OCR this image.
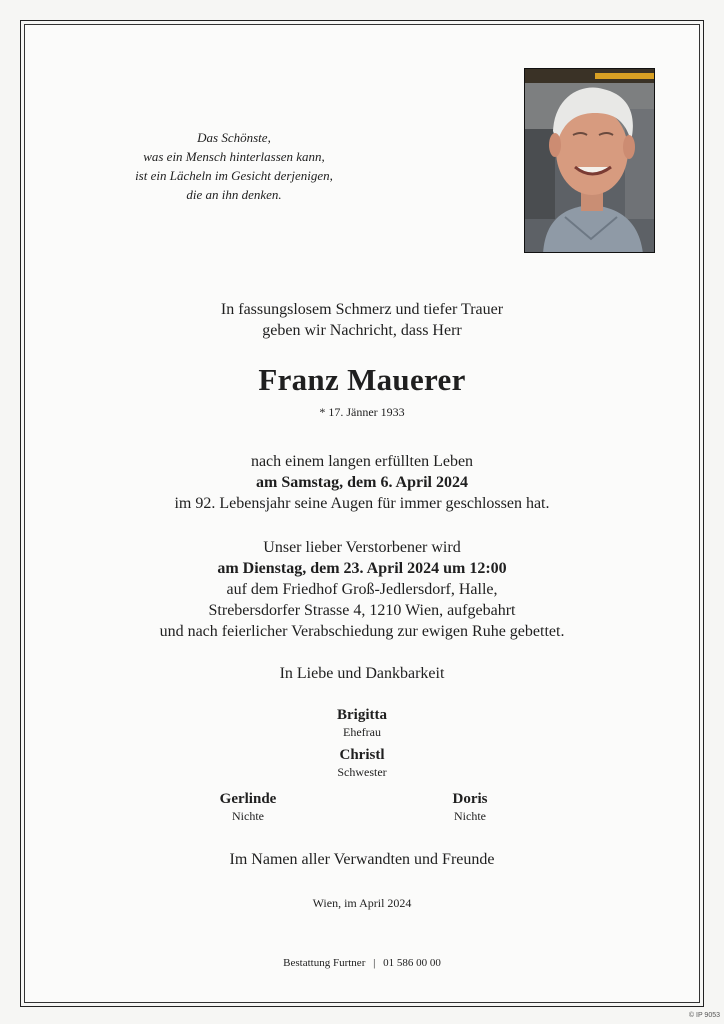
Das Schönste,
was ein Mensch hinterlassen kann,
ist ein Lächeln im Gesicht derjenigen,
die an ihn denken.
In fassungslosem Schmerz und tiefer Trauer
geben wir Nachricht, dass Herr
Franz Mauerer
* 17. Jänner 1933
nach einem langen erfüllten Leben
am Samstag, dem 6. April 2024
im 92. Lebensjahr seine Augen für immer geschlossen hat.
Unser lieber Verstorbener wird
am Dienstag, dem 23. April 2024 um 12:00
auf dem Friedhof Groß-Jedlersdorf, Halle,
Strebersdorfer Strasse 4, 1210 Wien, aufgebahrt
und nach feierlicher Verabschiedung zur ewigen Ruhe gebettet.
In Liebe und Dankbarkeit
Brigitta
Ehefrau
Christl
Schwester
Gerlinde
Nichte
Doris
Nichte
Im Namen aller Verwandten und Freunde
Wien, im April 2024
Bestattung Furtner | 01 586 00 00
© IP 9053
